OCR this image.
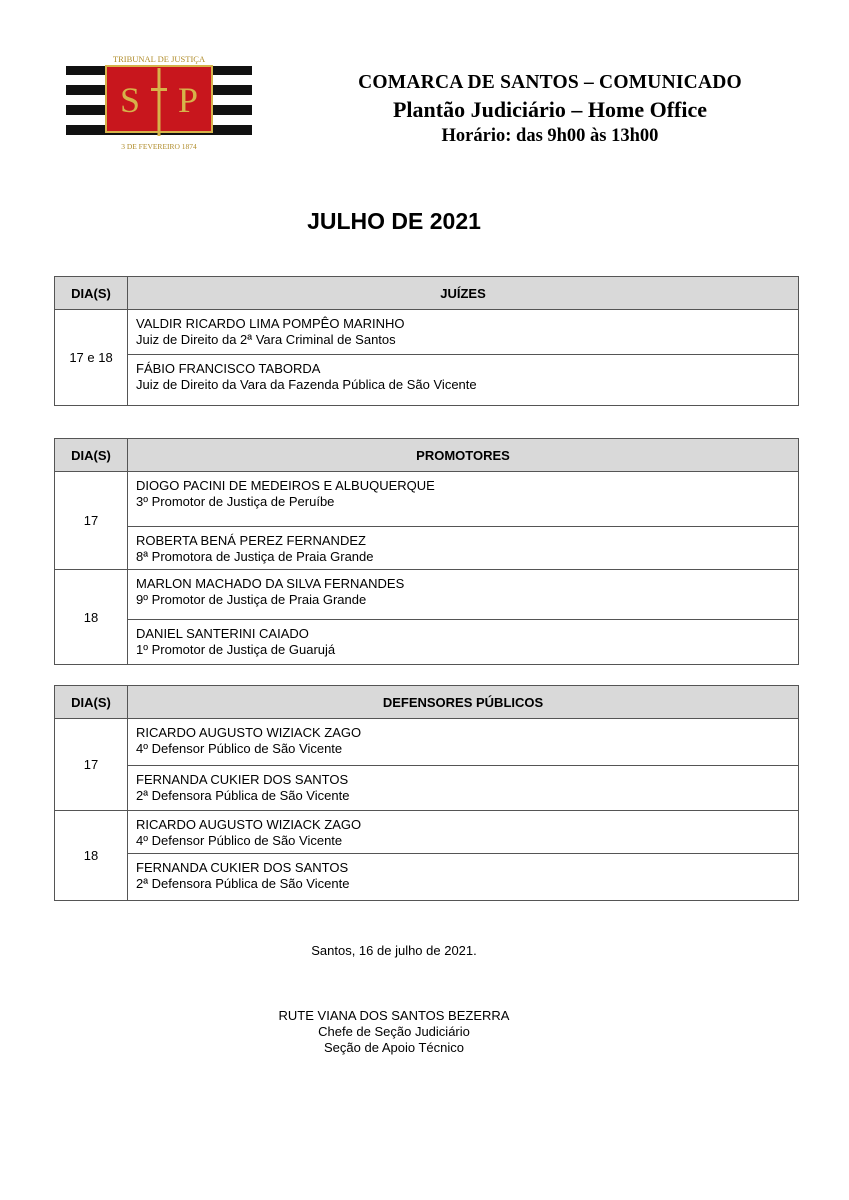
S P
TRIBUNAL DE JUSTIÇA
3 DE FEVEREIRO 1874
COMARCA DE SANTOS – COMUNICADO
Plantão Judiciário – Home Office
Horário: das 9h00 às 13h00
JULHO DE 2021
DIA(S)	JUÍZES
17 e 18	VALDIR RICARDO LIMA POMPÊO MARINHO
Juiz de Direito da 2ª Vara Criminal de Santos

	FÁBIO FRANCISCO TABORDA
Juiz de Direito da Vara da Fazenda Pública de São Vicente
DIA(S)	PROMOTORES
17	DIOGO PACINI DE MEDEIROS E ALBUQUERQUE
3º Promotor de Justiça de Peruíbe

	ROBERTA BENÁ PEREZ FERNANDEZ
8ª Promotora de Justiça de Praia Grande

18	MARLON MACHADO DA SILVA FERNANDES
9º Promotor de Justiça de Praia Grande

	DANIEL SANTERINI CAIADO
1º Promotor de Justiça de Guarujá
DIA(S)	DEFENSORES PÚBLICOS
17	RICARDO AUGUSTO WIZIACK ZAGO
4º Defensor Público de São Vicente

	FERNANDA CUKIER DOS SANTOS
2ª Defensora Pública de São Vicente

18	RICARDO AUGUSTO WIZIACK ZAGO
4º Defensor Público de São Vicente

	FERNANDA CUKIER DOS SANTOS
2ª Defensora Pública de São Vicente
Santos, 16 de julho de 2021.
RUTE VIANA DOS SANTOS BEZERRA
Chefe de Seção Judiciário
Seção de Apoio Técnico
